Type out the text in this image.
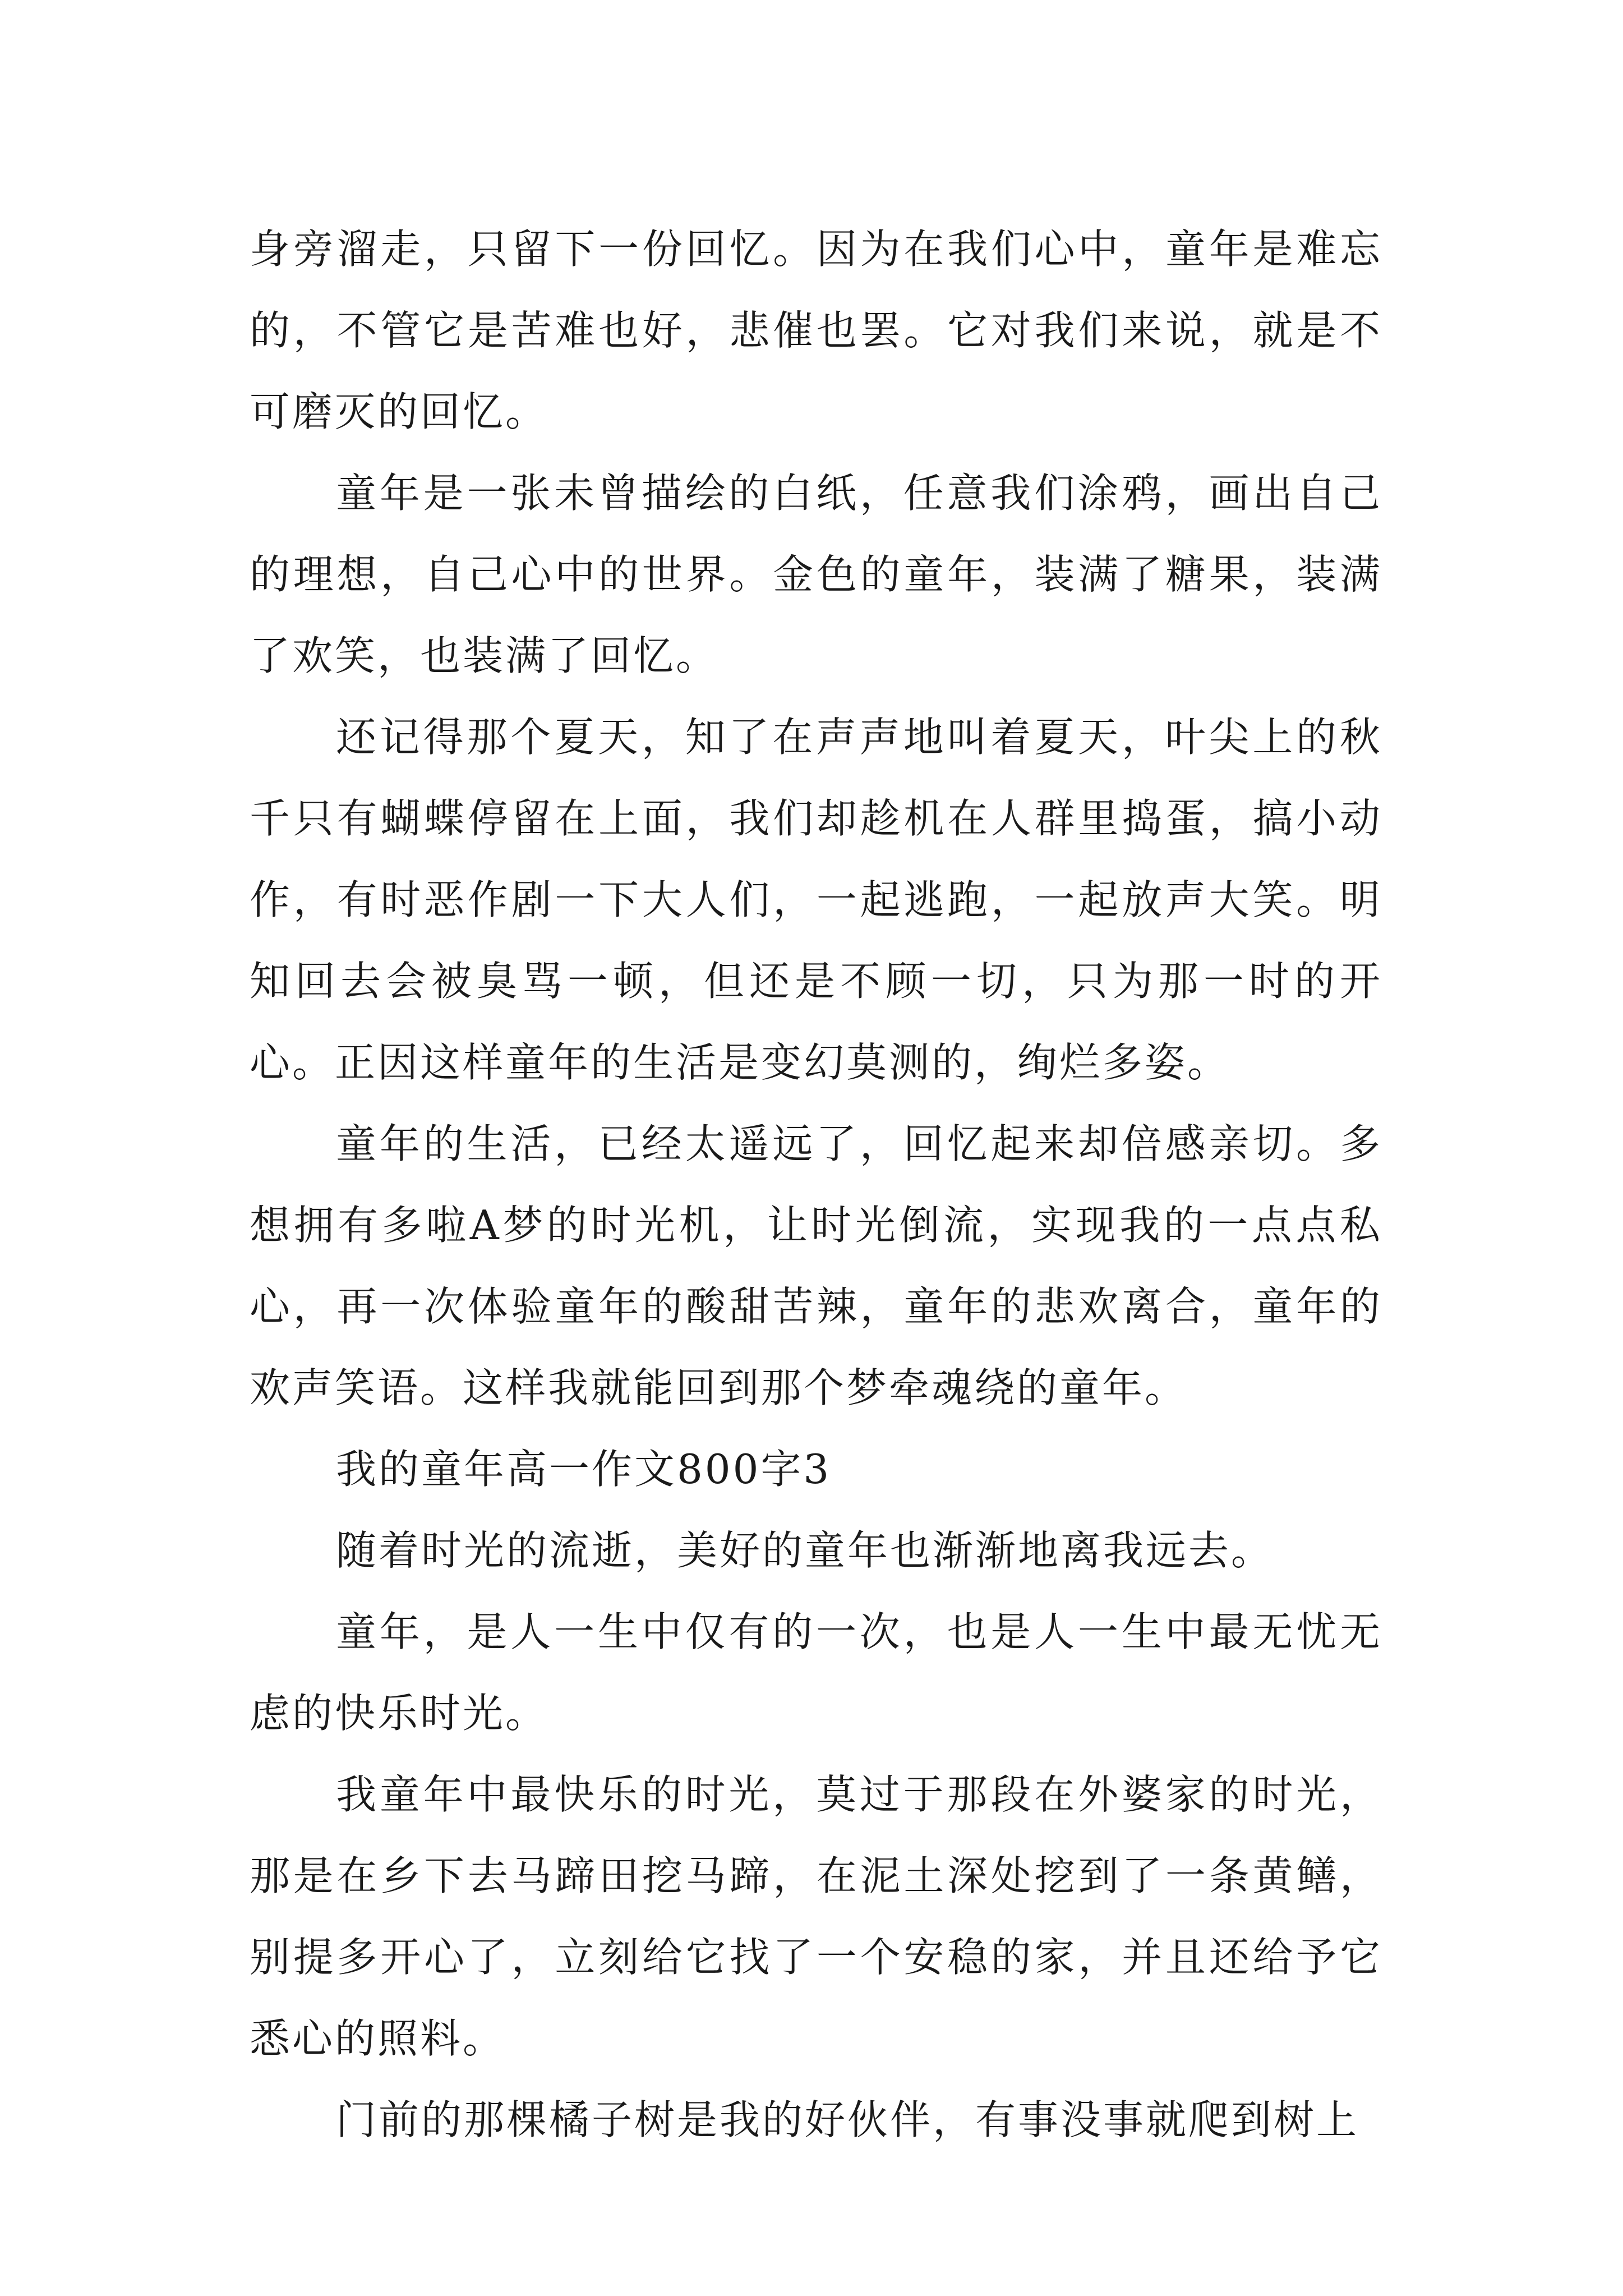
身旁溜走，只留下一份回忆。因为在我们心中，童年是难忘的，不管它是苦难也好，悲催也罢。它对我们来说，就是不可磨灭的回忆。

童年是一张未曾描绘的白纸，任意我们涂鸦，画出自己的理想，自己心中的世界。金色的童年，装满了糖果，装满了欢笑，也装满了回忆。

还记得那个夏天，知了在声声地叫着夏天，叶尖上的秋千只有蝴蝶停留在上面，我们却趁机在人群里捣蛋，搞小动作，有时恶作剧一下大人们，一起逃跑，一起放声大笑。明知回去会被臭骂一顿，但还是不顾一切，只为那一时的开心。正因这样童年的生活是变幻莫测的，绚烂多姿。

童年的生活，已经太遥远了，回忆起来却倍感亲切。多想拥有多啦A梦的时光机，让时光倒流，实现我的一点点私心，再一次体验童年的酸甜苦辣，童年的悲欢离合，童年的欢声笑语。这样我就能回到那个梦牵魂绕的童年。

我的童年高一作文800字3

随着时光的流逝，美好的童年也渐渐地离我远去。

童年，是人一生中仅有的一次，也是人一生中最无忧无虑的快乐时光。

我童年中最快乐的时光，莫过于那段在外婆家的时光，那是在乡下去马蹄田挖马蹄，在泥土深处挖到了一条黄鳝，别提多开心了，立刻给它找了一个安稳的家，并且还给予它悉心的照料。

门前的那棵橘子树是我的好伙伴，有事没事就爬到树上
